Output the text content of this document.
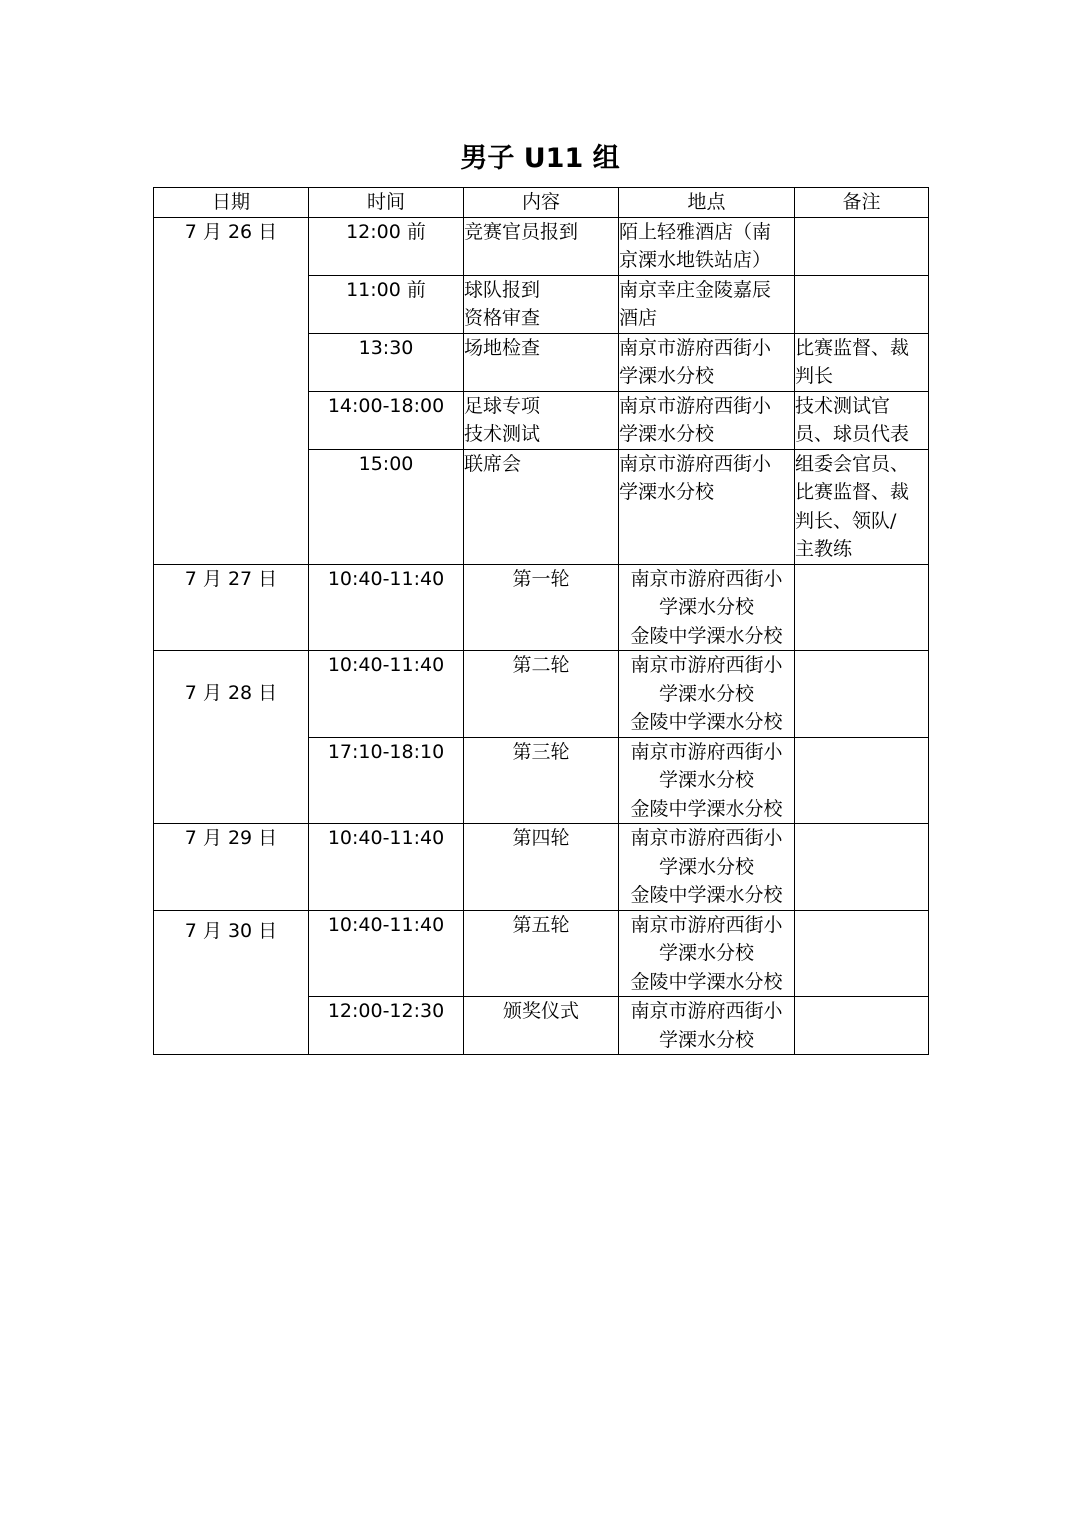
男子 U11 组
日期	时间	内容	地点	备注
7 月 26 日	12:00 前	竞赛官员报到	陌上轻雅酒店（南
京溧水地铁站店）	
	11:00 前	球队报到
资格审查	南京幸庄金陵嘉辰
酒店	
	13:30	场地检查	南京市游府西街小
学溧水分校	比赛监督、裁
判长
	14:00-18:00	足球专项
技术测试	南京市游府西街小
学溧水分校	技术测试官
员、球员代表
	15:00	联席会	南京市游府西街小
学溧水分校	组委会官员、
比赛监督、裁
判长、领队/
主教练
7 月 27 日	10:40-11:40	第一轮	南京市游府西街小
学溧水分校
金陵中学溧水分校	
7 月 28 日	10:40-11:40	第二轮	南京市游府西街小
学溧水分校
金陵中学溧水分校	
	17:10-18:10	第三轮	南京市游府西街小
学溧水分校
金陵中学溧水分校	
7 月 29 日	10:40-11:40	第四轮	南京市游府西街小
学溧水分校
金陵中学溧水分校	
7 月 30 日	10:40-11:40	第五轮	南京市游府西街小
学溧水分校
金陵中学溧水分校	
	12:00-12:30	颁奖仪式	南京市游府西街小
学溧水分校	
